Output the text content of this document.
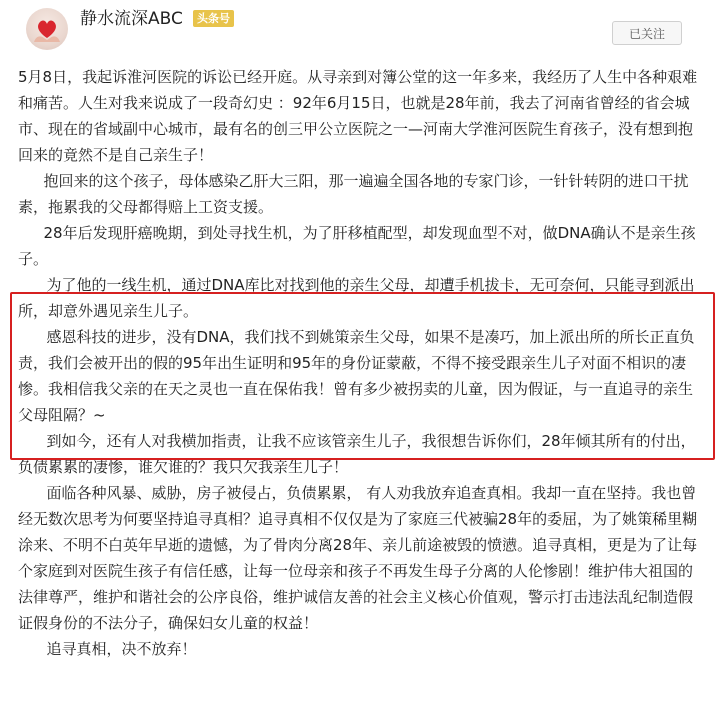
静水流深ABC	头条号
已关注

5月8日，我起诉淮河医院的诉讼已经开庭。从寻亲到对簿公堂的这一年多来，我经历了人生中各种艰难和痛苦。人生对我来说成了一段奇幻史 ：92年6月15日，也就是28年前，我去了河南省曾经的省会城市、现在的省域副中心城市，最有名的创三甲公立医院之一—河南大学淮河医院生育孩子，没有想到抱回来的竟然不是自己亲生子！

抱回来的这个孩子，母体感染乙肝大三阳，那一遍遍全国各地的专家门诊，一针针转阴的进口干扰素，拖累我的父母都得赔上工资支援。

28年后发现肝癌晚期，到处寻找生机，为了肝移植配型，却发现血型不对，做DNA确认不是亲生孩子。

为了他的一线生机，通过DNA库比对找到他的亲生父母，却遭手机拔卡，无可奈何，只能寻到派出所，却意外遇见亲生儿子。

感恩科技的进步，没有DNA，我们找不到姚策亲生父母，如果不是凑巧，加上派出所的所长正直负责，我们会被开出的假的95年出生证明和95年的身份证蒙蔽，不得不接受跟亲生儿子对面不相识的凄惨。我相信我父亲的在天之灵也一直在保佑我！曾有多少被拐卖的儿童，因为假证，与一直追寻的亲生父母阻隔？~

到如今，还有人对我横加指责，让我不应该管亲生儿子，我很想告诉你们，28年倾其所有的付出，负债累累的凄惨，谁欠谁的？我只欠我亲生儿子！

面临各种风暴、威胁，房子被侵占，负债累累， 有人劝我放弃追查真相。我却一直在坚持。我也曾经无数次思考为何要坚持追寻真相？追寻真相不仅仅是为了家庭三代被骗28年的委屈，为了姚策稀里糊涂来、不明不白英年早逝的遗憾，为了骨肉分离28年、亲儿前途被毁的愤懑。追寻真相，更是为了让每个家庭到对医院生孩子有信任感，让每一位母亲和孩子不再发生母子分离的人伦惨剧！维护伟大祖国的法律尊严，维护和谐社会的公序良俗，维护诚信友善的社会主义核心价值观，警示打击违法乱纪制造假证假身份的不法分子，确保妇女儿童的权益！

追寻真相，决不放弃！
